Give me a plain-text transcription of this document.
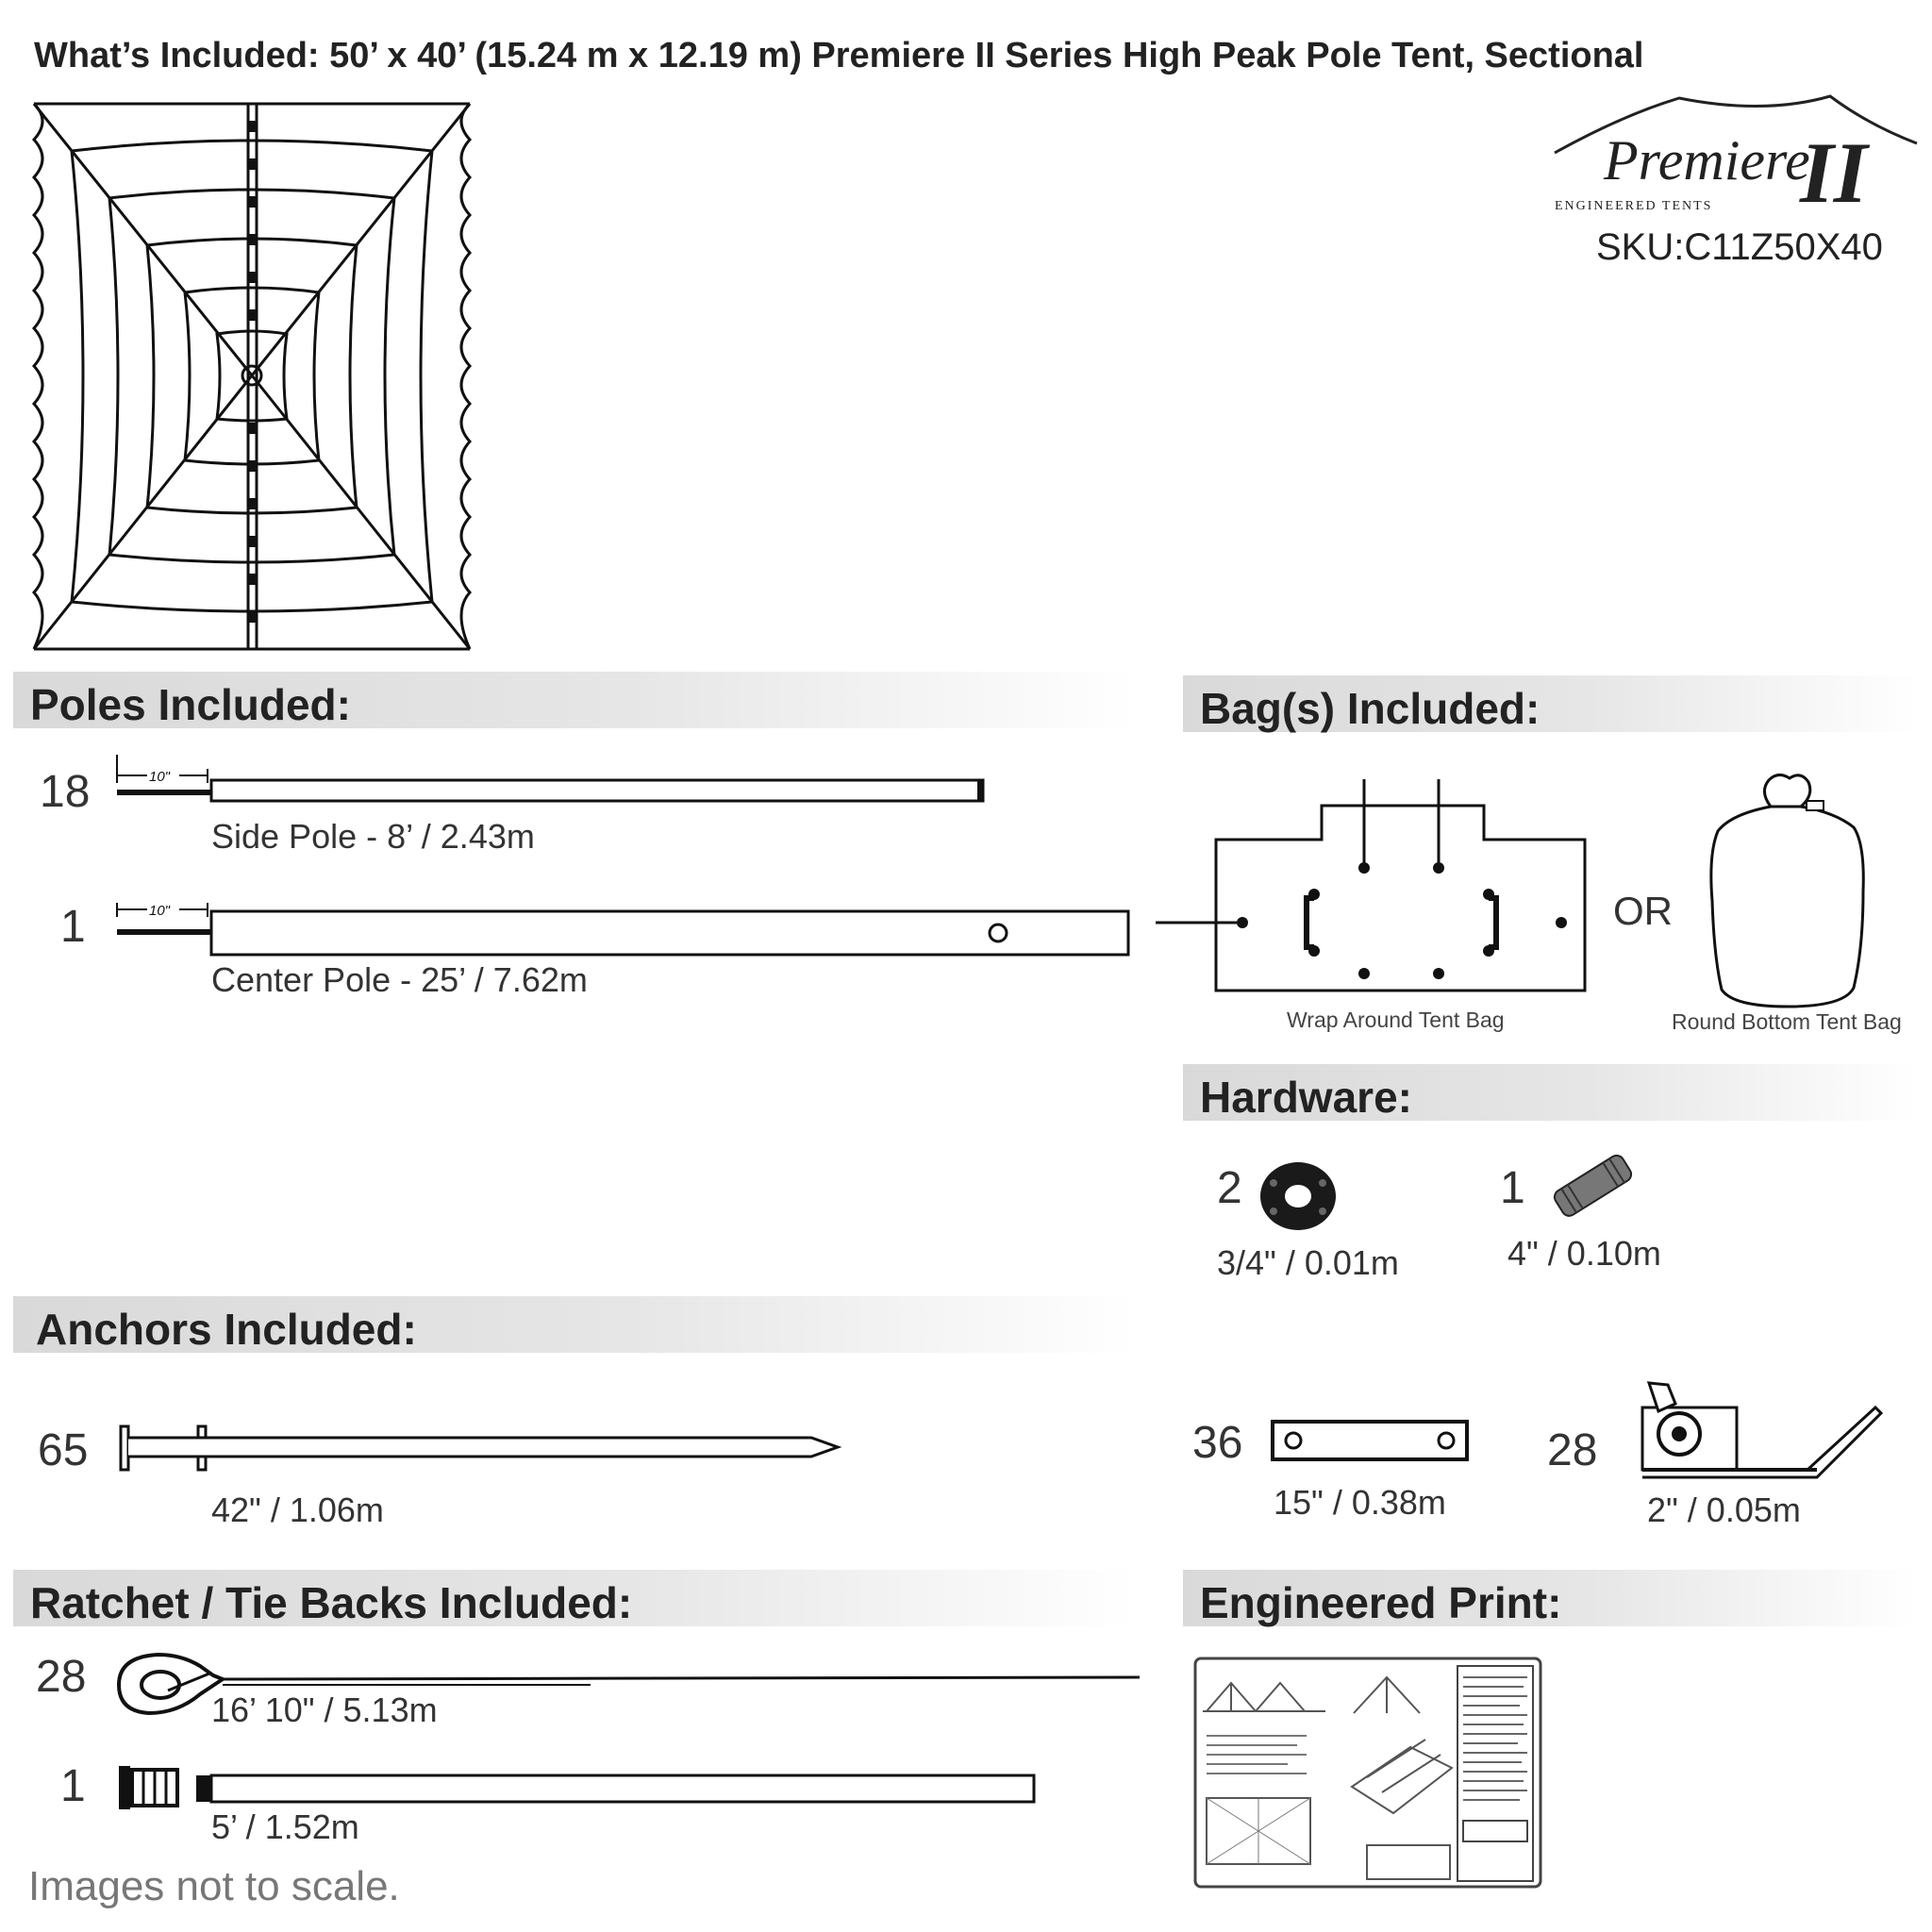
What’s Included: 50’ x 40’ (15.24 m x 12.19 m) Premiere II Series High Peak Pole Tent, Sectional
Premiere
II
ENGINEERED TENTS
SKU:C11Z50X40
Poles Included:
18	10"
Side Pole - 8’ / 2.43m
1	10"
Center Pole - 25’ / 7.62m
Bag(s) Included:
Wrap Around Tent Bag
OR
Round Bottom Tent Bag
Hardware:
2
3/4" / 0.01m
1
4" / 0.10m
Anchors Included:
65
42" / 1.06m
36
15" / 0.38m
28
2" / 0.05m
Ratchet / Tie Backs Included:
28
16’ 10" / 5.13m
1
5’ / 1.52m
Engineered Print:
Images not to scale.
